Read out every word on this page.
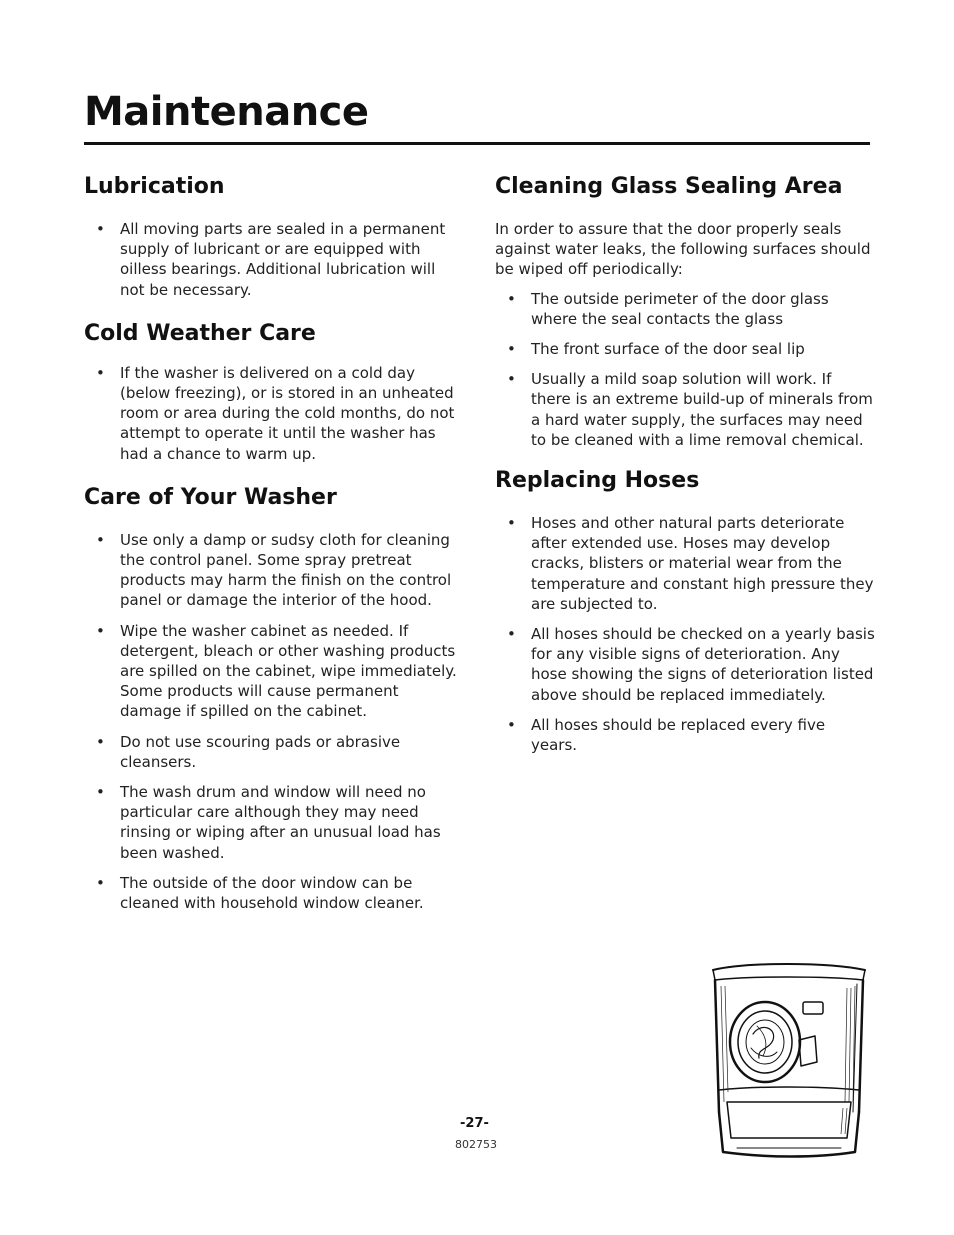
Maintenance
Lubrication
• All moving parts are sealed in a permanent supply of lubricant or are equipped with oilless bearings. Additional lubrication will not be necessary.
Cold Weather Care
• If the washer is delivered on a cold day (below freezing), or is stored in an unheated room or area during the cold months, do not attempt to operate it until the washer has had a chance to warm up.
Care of Your Washer
• Use only a damp or sudsy cloth for cleaning the control panel. Some spray pretreat products may harm the finish on the control panel or damage the interior of the hood.
• Wipe the washer cabinet as needed. If detergent, bleach or other washing products are spilled on the cabinet, wipe immediately. Some products will cause permanent damage if spilled on the cabinet.
• Do not use scouring pads or abrasive cleansers.
• The wash drum and window will need no particular care although they may need rinsing or wiping after an unusual load has been washed.
• The outside of the door window can be cleaned with household window cleaner.
Cleaning Glass Sealing Area

In order to assure that the door properly seals against water leaks, the following surfaces should be wiped off periodically:

• The outside perimeter of the door glass where the seal contacts the glass
• The front surface of the door seal lip
• Usually a mild soap solution will work. If there is an extreme build-up of minerals from a hard water supply, the surfaces may need to be cleaned with a lime removal chemical.
Replacing Hoses
• Hoses and other natural parts deteriorate after extended use. Hoses may develop cracks, blisters or material wear from the temperature and constant high pressure they are subjected to.
• All hoses should be checked on a yearly basis for any visible signs of deterioration. Any hose showing the signs of deterioration listed above should be replaced immediately.
• All hoses should be replaced every five years.
-27-
802753
